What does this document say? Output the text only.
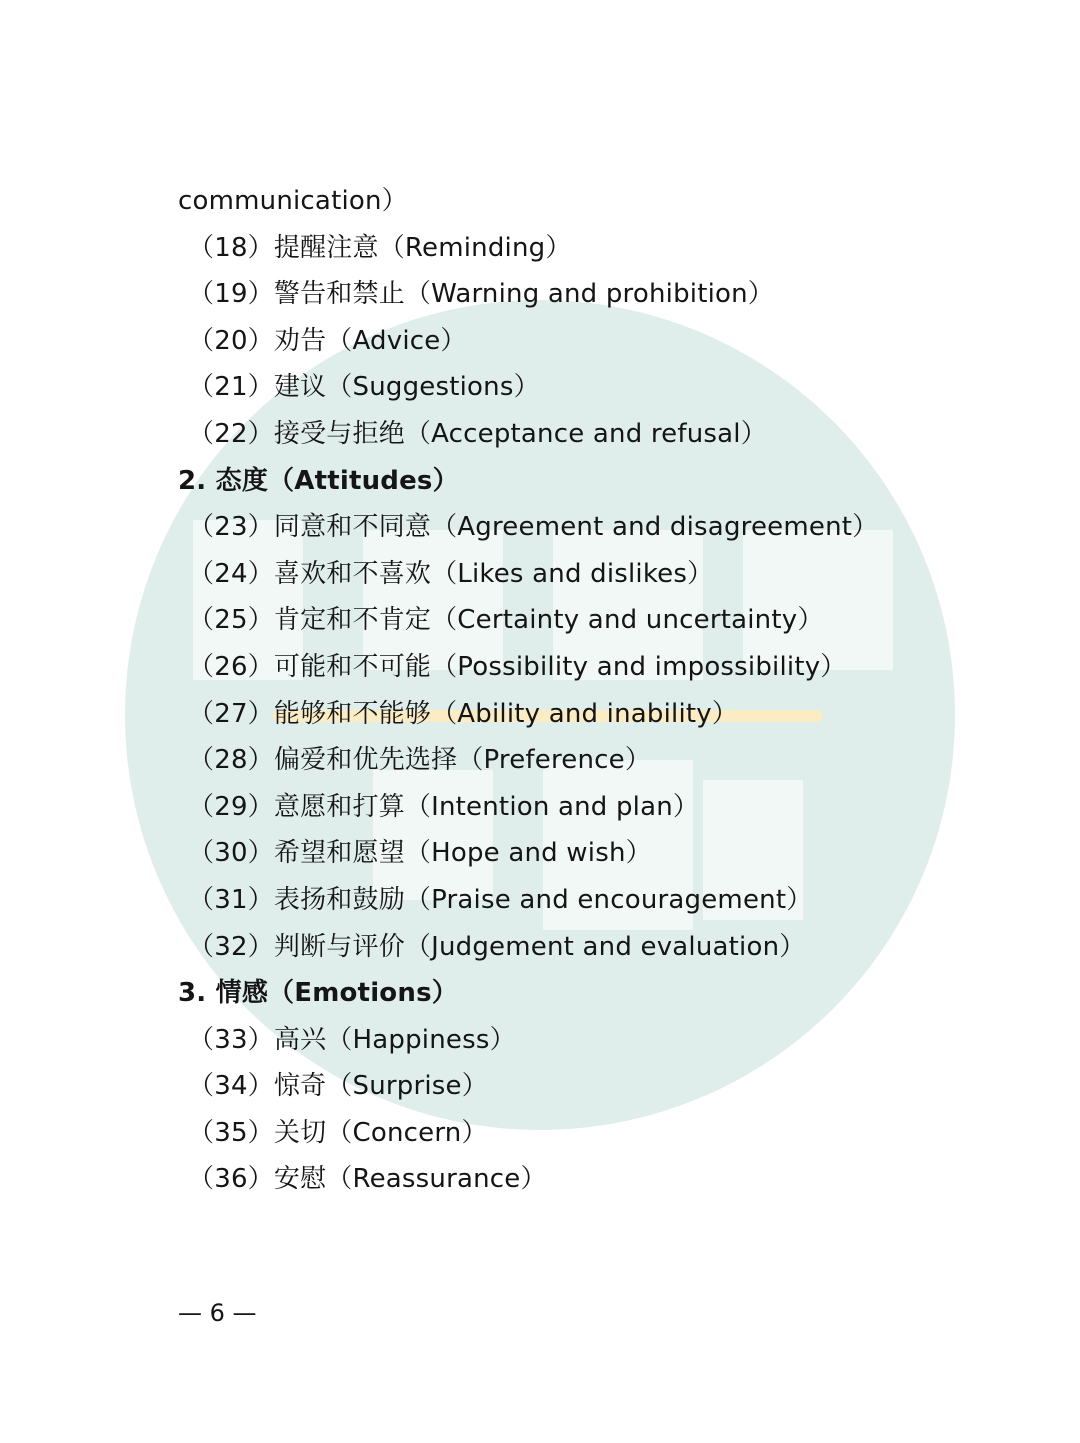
communication）
（18）提醒注意（Reminding）
（19）警告和禁止（Warning and prohibition）
（20）劝告（Advice）
（21）建议（Suggestions）
（22）接受与拒绝（Acceptance and refusal）
2. 态度（Attitudes）
（23）同意和不同意（Agreement and disagreement）
（24）喜欢和不喜欢（Likes and dislikes）
（25）肯定和不肯定（Certainty and uncertainty）
（26）可能和不可能（Possibility and impossibility）
（27）能够和不能够（Ability and inability）
（28）偏爱和优先选择（Preference）
（29）意愿和打算（Intention and plan）
（30）希望和愿望（Hope and wish）
（31）表扬和鼓励（Praise and encouragement）
（32）判断与评价（Judgement and evaluation）
3. 情感（Emotions）
（33）高兴（Happiness）
（34）惊奇（Surprise）
（35）关切（Concern）
（36）安慰（Reassurance）
— 6 —
